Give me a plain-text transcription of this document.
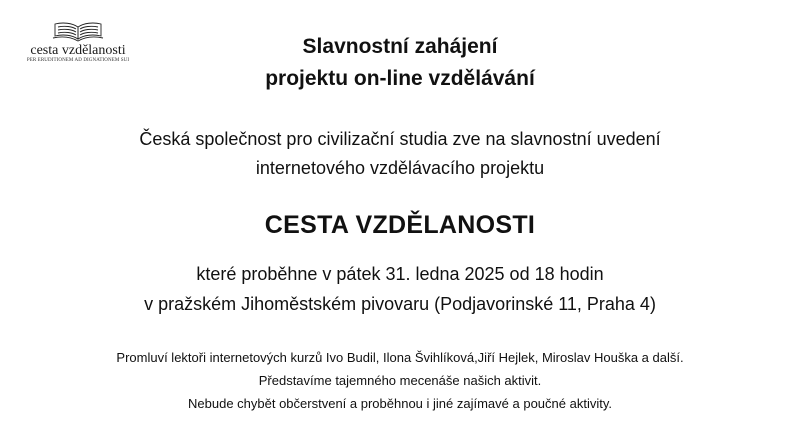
cesta vzdělanosti
PER ERUDITIONEM AD DIGNATIONEM SUI
Slavnostní zahájení
projektu on-line vzdělávání
Česká společnost pro civilizační studia zve na slavnostní uvedení
internetového vzdělávacího projektu
CESTA VZDĚLANOSTI
které proběhne v pátek 31. ledna 2025 od 18 hodin
v pražském Jihoměstském pivovaru (Podjavorinské 11, Praha 4)
Promluví lektoři internetových kurzů Ivo Budil, Ilona Švihlíková,Jiří Hejlek, Miroslav Houška a další.
Představíme tajemného mecenáše našich aktivit.
Nebude chybět občerstvení a proběhnou i jiné zajímavé a poučné aktivity.
